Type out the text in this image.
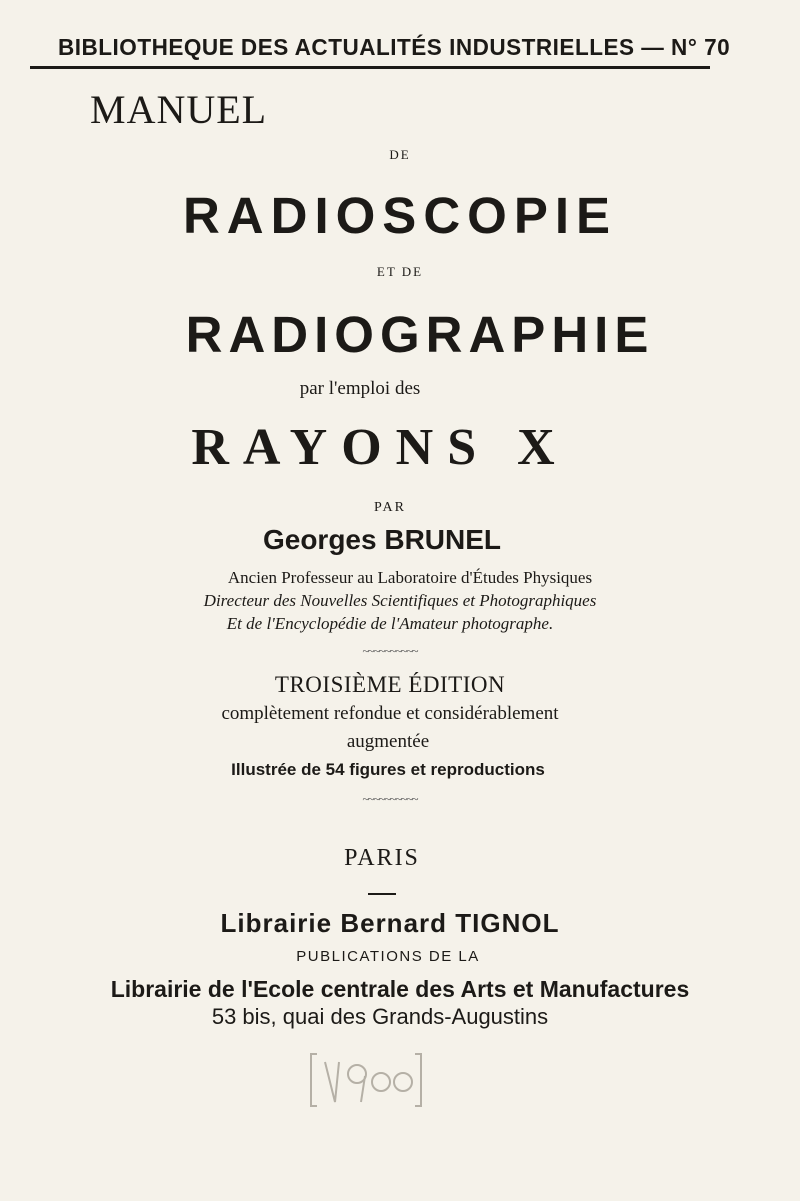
BIBLIOTHEQUE DES ACTUALITÉS INDUSTRIELLES — N° 70
MANUEL
DE
RADIOSCOPIE
ET DE
RADIOGRAPHIE
par l'emploi des
RAYONS X
PAR
Georges BRUNEL
Ancien Professeur au Laboratoire d'Études Physiques
Directeur des Nouvelles Scientifiques et Photographiques
Et de l'Encyclopédie de l'Amateur photographe.
~~~~~~~~~~
TROISIÈME ÉDITION
complètement refondue et considérablement
augmentée
Illustrée de 54 figures et reproductions
~~~~~~~~~~
PARIS
Librairie Bernard TIGNOL
PUBLICATIONS DE LA
Librairie de l'Ecole centrale des Arts et Manufactures
53 bis, quai des Grands-Augustins
